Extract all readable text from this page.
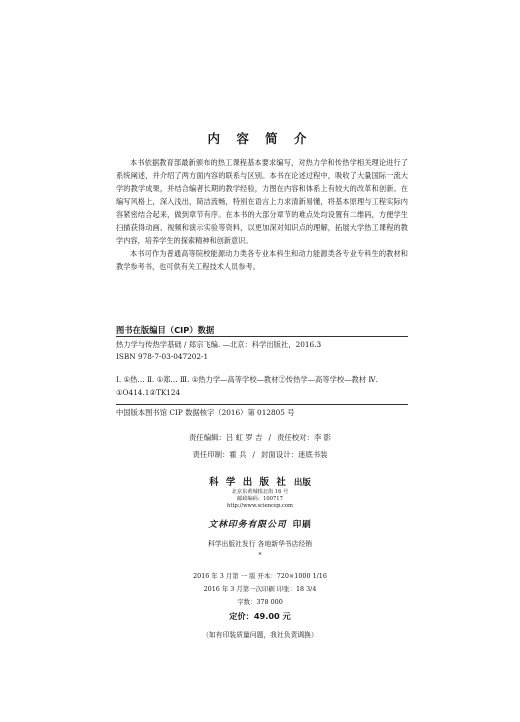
内 容 简 介

本书依据教育部最新颁布的热工课程基本要求编写，对热力学和传热学相关理论进行了系统阐述，并介绍了两方面内容的联系与区别。本书在论述过程中，吸收了大量国际一流大学的教学成果，并结合编者长期的教学经验，力图在内容和体系上有较大的改革和创新。在编写风格上，深入浅出，简洁流畅，特别在语言上力求清新易懂，将基本原理与工程实际内容紧密结合起来，做到章节有序。在本书的大部分章节的难点处均设置有二维码，方便学生扫描获得动画、视频和演示实验等资料，以更加深对知识点的理解，拓展大学热工课程的教学内容，培养学生的探索精神和创新意识。

本书可作为普通高等院校能源动力类各专业本科生和动力能源类各专业专科生的教材和教学参考书，也可供有关工程技术人员参考。

图书在版编目（CIP）数据
热力学与传热学基础 / 郑宗飞编. —北京：科学出版社，2016.3
ISBN 978-7-03-047202-1
Ⅰ. ①热… Ⅱ. ①郑… Ⅲ. ①热力学—高等学校—教材②传热学—高等学校—教材 Ⅳ. ①O414.1②TK124
中国版本图书馆 CIP 数据核字（2016）第 012805 号
责任编辑：吕 虹 罗 吉 / 责任校对：李 影
责任印制：霍 兵 / 封面设计：迷底书装
科 学 出 版 社 出版
北京东黄城根北街 16 号
邮政编码：100717
http://www.sciencep.com
文林印务有限公司 印刷
科学出版社发行 各地新华书店经销
*
2016 年 3 月第 一 版 开本：720×1000 1/16
2016 年 3 月第一次印刷 印张：18 3/4
字数：378 000
定价：49.00 元
（如有印装质量问题，我社负责调换）
